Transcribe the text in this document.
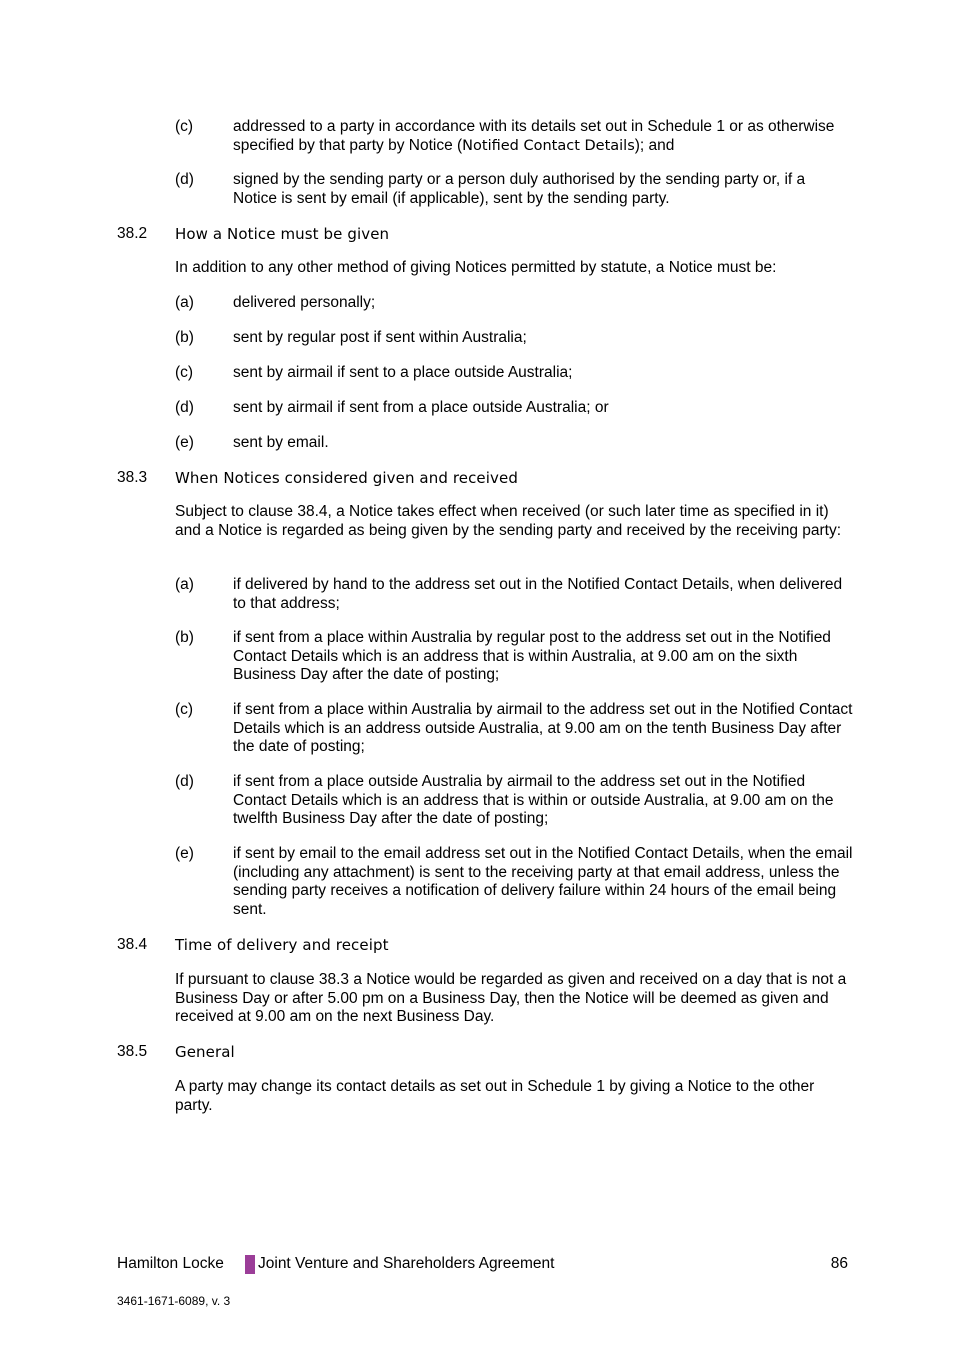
(c)	addressed to a party in accordance with its details set out in Schedule 1 or as otherwise specified by that party by Notice (Notified Contact Details); and
(d)	signed by the sending party or a person duly authorised by the sending party or, if a Notice is sent by email (if applicable), sent by the sending party.
38.2 How a Notice must be given
In addition to any other method of giving Notices permitted by statute, a Notice must be:
(a)	delivered personally;
(b)	sent by regular post if sent within Australia;
(c)	sent by airmail if sent to a place outside Australia;
(d)	sent by airmail if sent from a place outside Australia; or
(e)	sent by email.
38.3 When Notices considered given and received
Subject to clause 38.4, a Notice takes effect when received (or such later time as specified in it) and a Notice is regarded as being given by the sending party and received by the receiving party:
(a)	if delivered by hand to the address set out in the Notified Contact Details, when delivered to that address;
(b)	if sent from a place within Australia by regular post to the address set out in the Notified Contact Details which is an address that is within Australia, at 9.00 am on the sixth Business Day after the date of posting;
(c)	if sent from a place within Australia by airmail to the address set out in the Notified Contact Details which is an address outside Australia, at 9.00 am on the tenth Business Day after the date of posting;
(d)	if sent from a place outside Australia by airmail to the address set out in the Notified Contact Details which is an address that is within or outside Australia, at 9.00 am on the twelfth Business Day after the date of posting;
(e)	if sent by email to the email address set out in the Notified Contact Details, when the email (including any attachment) is sent to the receiving party at that email address, unless the sending party receives a notification of delivery failure within 24 hours of the email being sent.
38.4 Time of delivery and receipt
If pursuant to clause 38.3 a Notice would be regarded as given and received on a day that is not a Business Day or after 5.00 pm on a Business Day, then the Notice will be deemed as given and received at 9.00 am on the next Business Day.
38.5 General
A party may change its contact details as set out in Schedule 1 by giving a Notice to the other party.
Hamilton Locke Joint Venture and Shareholders Agreement	86
3461-1671-6089, v. 3
